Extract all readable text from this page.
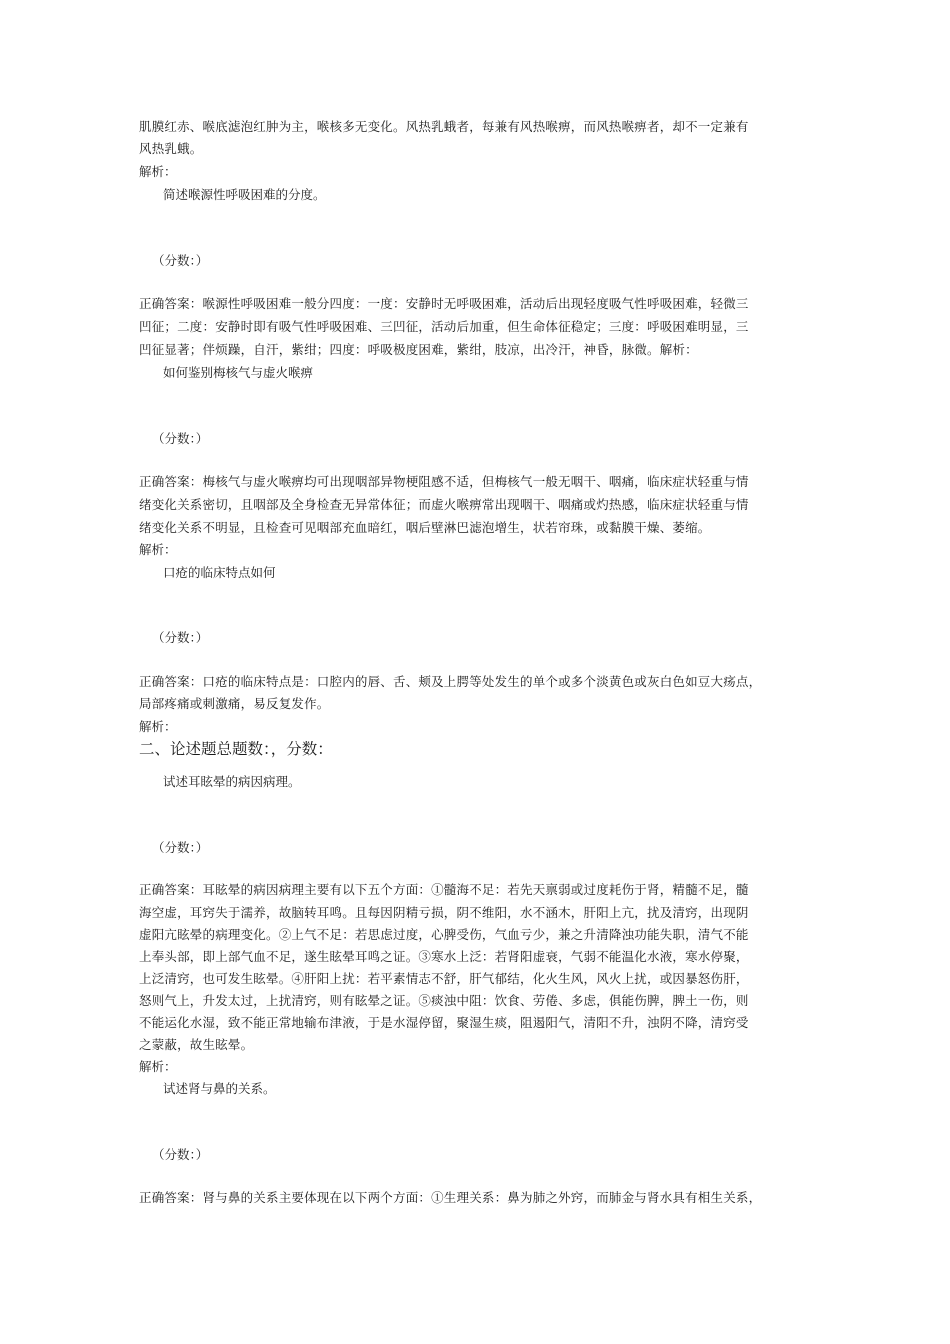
肌膜红赤、喉底滤泡红肿为主，喉核多无变化。风热乳蛾者，每兼有风热喉痹，而风热喉痹者，却不一定兼有
风热乳蛾。
解析：
简述喉源性呼吸困难的分度。
（分数：）
正确答案：喉源性呼吸困难一般分四度：一度：安静时无呼吸困难，活动后出现轻度吸气性呼吸困难，轻微三
凹征；二度：安静时即有吸气性呼吸困难、三凹征，活动后加重，但生命体征稳定；三度：呼吸困难明显，三
凹征显著；伴烦躁，自汗，紫绀；四度：呼吸极度困难，紫绀，肢凉，出冷汗，神昏，脉微。解析：
如何鉴别梅核气与虚火喉痹
（分数：）
正确答案：梅核气与虚火喉痹均可出现咽部异物梗阻感不适，但梅核气一般无咽干、咽痛，临床症状轻重与情
绪变化关系密切，且咽部及全身检查无异常体征；而虚火喉痹常出现咽干、咽痛或灼热感，临床症状轻重与情
绪变化关系不明显，且检查可见咽部充血暗红，咽后壁淋巴滤泡增生，状若帘珠，或黏膜干燥、萎缩。
解析：
口疮的临床特点如何
（分数：）
正确答案：口疮的临床特点是：口腔内的唇、舌、颊及上腭等处发生的单个或多个淡黄色或灰白色如豆大疡点，
局部疼痛或刺激痛，易反复发作。
解析：
二、论述题总题数：，分数：
试述耳眩晕的病因病理。
（分数：）
正确答案：耳眩晕的病因病理主要有以下五个方面：①髓海不足：若先天禀弱或过度耗伤于肾，精髓不足，髓
海空虚，耳窍失于濡养，故脑转耳鸣。且每因阴精亏损，阴不维阳，水不涵木，肝阳上亢，扰及清窍，出现阴
虚阳亢眩晕的病理变化。②上气不足：若思虑过度，心脾受伤，气血亏少，兼之升清降浊功能失职，清气不能
上奉头部，即上部气血不足，遂生眩晕耳鸣之证。③寒水上泛：若肾阳虚衰，气弱不能温化水液，寒水停聚，
上泛清窍，也可发生眩晕。④肝阳上扰：若平素情志不舒，肝气郁结，化火生风，风火上扰，或因暴怒伤肝，
怒则气上，升发太过，上扰清窍，则有眩晕之证。⑤痰浊中阻：饮食、劳倦、多虑，俱能伤脾，脾土一伤，则
不能运化水湿，致不能正常地输布津液，于是水湿停留，聚湿生痰，阻遏阳气，清阳不升，浊阴不降，清窍受
之蒙蔽，故生眩晕。
解析：
试述肾与鼻的关系。
（分数：）
正确答案：肾与鼻的关系主要体现在以下两个方面：①生理关系：鼻为肺之外窍，而肺金与肾水具有相生关系，
